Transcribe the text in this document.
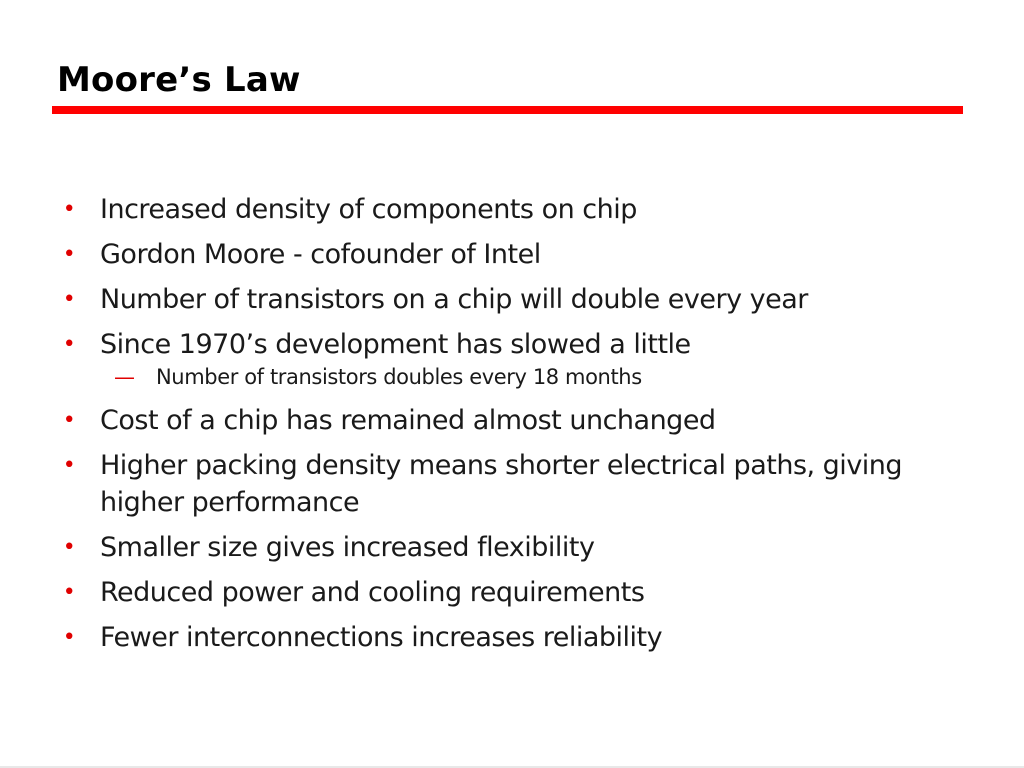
Moore’s Law
• Increased density of components on chip
• Gordon Moore - cofounder of Intel
• Number of transistors on a chip will double every year
• Since 1970’s development has slowed a little
—	Number of transistors doubles every 18 months
• Cost of a chip has remained almost unchanged
• Higher packing density means shorter electrical paths, giving higher performance
• Smaller size gives increased flexibility
• Reduced power and cooling requirements
• Fewer interconnections increases reliability
